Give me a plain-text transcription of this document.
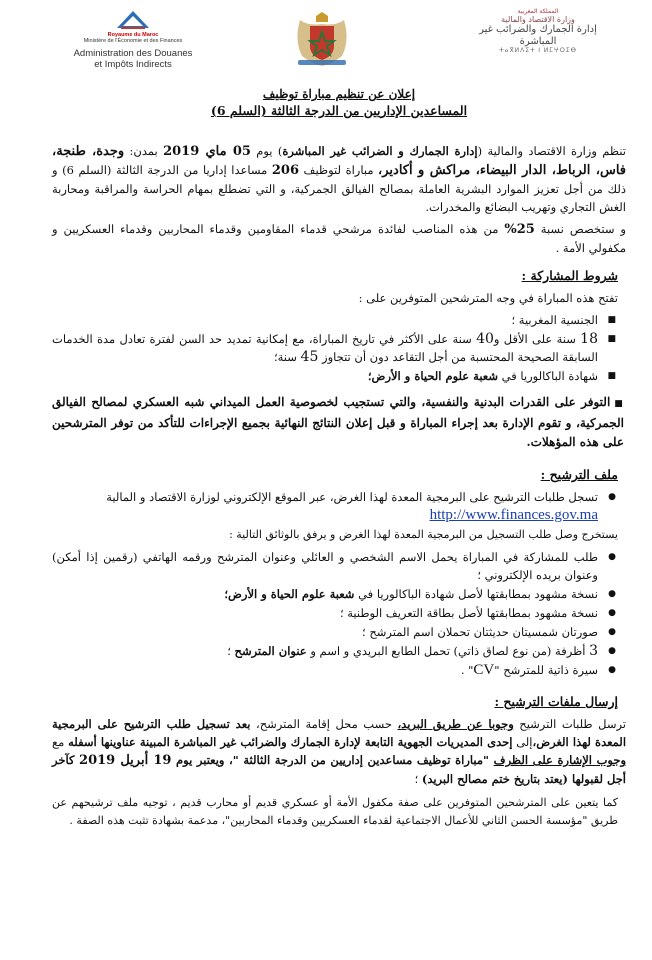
Royaume du Maroc
Ministère de l'Économie et des Finances
Administration des Douanes
et Impôts Indirects
المملكة المغربية
وزارة الاقتصاد والمالية
إدارة الجمارك والضرائب غير المباشرة
ⵜⴰⴳⵍⴷⵉⵜ ⵏ ⵍⵎⵖⵔⵉⴱ
إعلان عن تنظيم مباراة توظيف
المساعدين الإداريين من الدرجة الثالثة (السلم 6)

تنظم وزارة الاقتصاد والمالية (إدارة الجمارك و الضرائب غير المباشرة) يوم 05 ماي 2019 بمدن: وجدة، طنجة، فاس، الرباط، الدار البيضاء، مراكش و أكادير، مباراة لتوظيف 206 مساعدا إداريا من الدرجة الثالثة (السلم 6) و ذلك من أجل تعزيز الموارد البشرية العاملة بمصالح الفيالق الجمركية، و التي تضطلع بمهام الحراسة والمراقبة ومحاربة الغش التجاري وتهريب البضائع والمخدرات.

و ستخصص نسبة 25% من هذه المناصب لفائدة مرشحي قدماء المقاومين وقدماء المحاربين وقدماء العسكريين و مكفولي الأمة .

شروط المشاركة :

تفتح هذه المباراة في وجه المترشحين المتوفرين على :

■ الجنسية المغربية ؛
■ 18 سنة على الأقل و40 سنة على الأكثر في تاريخ المباراة، مع إمكانية تمديد حد السن لفترة تعادل مدة الخدمات السابقة الصحيحة المحتسبة من أجل التقاعد دون أن تتجاوز 45 سنة؛
■ شهادة الباكالوريا في شعبة علوم الحياة و الأرض؛

■التوفر على القدرات البدنية والنفسية، والتي تستجيب لخصوصية العمل الميداني شبه العسكري لمصالح الفيالق الجمركية، و تقوم الإدارة بعد إجراء المباراة و قبل إعلان النتائج النهائية بجميع الإجراءات للتأكد من توفر المترشحين على هذه المؤهلات.

ملف الترشيح :
● تسجل طلبات الترشيح على البرمجية المعدة لهذا الغرض، عبر الموقع الإلكتروني لوزارة الاقتصاد و المالية
http://www.finances.gov.ma

يستخرج وصل طلب التسجيل من البرمجية المعدة لهذا الغرض و يرفق بالوثائق التالية :

● طلب للمشاركة في المباراة يحمل الاسم الشخصي و العائلي وعنوان المترشح ورقمه الهاتفي (رقمين إذا أمكن) وعنوان بريده الإلكتروني ؛
● نسخة مشهود بمطابقتها لأصل شهادة الباكالوريا في شعبة علوم الحياة و الأرض؛
● نسخة مشهود بمطابقتها لأصل بطاقة التعريف الوطنية ؛
● صورتان شمسيتان حديثتان تحملان اسم المترشح ؛
● 3 أظرفة (من نوع لصاق ذاتي) تحمل الطابع البريدي و اسم و عنوان المترشح ؛
● سيرة ذاتية للمترشح "CV" .
إرسال ملفات الترشيح :

ترسل طلبات الترشيح وجوبا عن طريق البريد، حسب محل إقامة المترشح، بعد تسجيل طلب الترشيح على البرمجية المعدة لهذا الغرض،إلى إحدى المديريات الجهوية التابعة لإدارة الجمارك والضرائب غير المباشرة المبينة عناوينها أسفله مع وجوب الإشارة على الظرف "مباراة توظيف مساعدين إداريين من الدرجة الثالثة "، ويعتبر يوم 19 أبريل 2019 كآخر أجل لقبولها (يعتد بتاريخ ختم مصالح البريد) ؛

كما يتعين على المترشحين المتوفرين على صفة مكفول الأمة أو عسكري قديم أو محارب قديم ، توجيه ملف ترشيحهم عن طريق "مؤسسة الحسن الثاني للأعمال الاجتماعية لقدماء العسكريين وقدماء المحاربين"، مدعمة بشهادة تثبت هذه الصفة .
